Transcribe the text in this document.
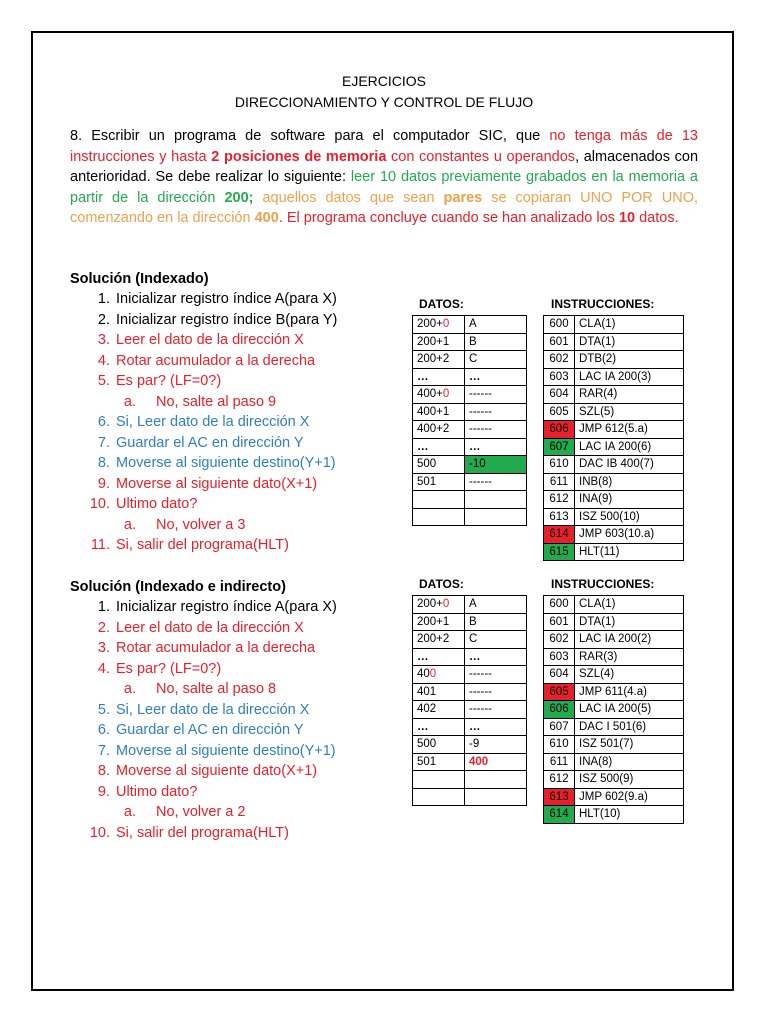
EJERCICIOS
DIRECCIONAMIENTO Y CONTROL DE FLUJO
8. Escribir un programa de software para el computador SIC, que no tenga más de 13 instrucciones y hasta 2 posiciones de memoria con constantes u operandos, almacenados con anterioridad. Se debe realizar lo siguiente: leer 10 datos previamente grabados en la memoria a partir de la dirección 200; aquellos datos que sean pares se copiaran UNO POR UNO, comenzando en la dirección 400. El programa concluye cuando se han analizado los 10 datos.
Solución (Indexado)
1. Inicializar registro índice A(para X)
2. Inicializar registro índice B(para Y)
3. Leer el dato de la dirección X
4. Rotar acumulador a la derecha
5. Es par? (LF=0?)
a. No, salte al paso 9
6. Si, Leer dato de la dirección X
7. Guardar el AC en dirección Y
8. Moverse al siguiente destino(Y+1)
9. Moverse al siguiente dato(X+1)
10. Ultimo dato?
a. No, volver a 3
11. Si, salir del programa(HLT)
Solución (Indexado e indirecto)
1. Inicializar registro índice A(para X)
2. Leer el dato de la dirección X
3. Rotar acumulador a la derecha
4. Es par? (LF=0?)
a. No, salte al paso 8
5. Si, Leer dato de la dirección X
6. Guardar el AC en dirección Y
7. Moverse al siguiente destino(Y+1)
8. Moverse al siguiente dato(X+1)
9. Ultimo dato?
a. No, volver a 2
10. Si, salir del programa(HLT)
DATOS:	INSTRUCCIONES:
200+0	A
200+1	B
200+2	C
…	…
400+0	------
400+1	------
400+2	------
…	…
500	-10
501	------

600	CLA(1)
601	DTA(1)
602	DTB(2)
603	LAC IA 200(3)
604	RAR(4)
605	SZL(5)
606	JMP 612(5.a)
607	LAC IA 200(6)
610	DAC IB 400(7)
611	INB(8)
612	INA(9)
613	ISZ 500(10)
614	JMP 603(10.a)
615	HLT(11)
DATOS:	INSTRUCCIONES:
200+0	A
200+1	B
200+2	C
…	…
400	------
401	------
402	------
…	…
500	-9
501	400

600	CLA(1)
601	DTA(1)
602	LAC IA 200(2)
603	RAR(3)
604	SZL(4)
605	JMP 611(4.a)
606	LAC IA 200(5)
607	DAC I 501(6)
610	ISZ 501(7)
611	INA(8)
612	ISZ 500(9)
613	JMP 602(9.a)
614	HLT(10)
